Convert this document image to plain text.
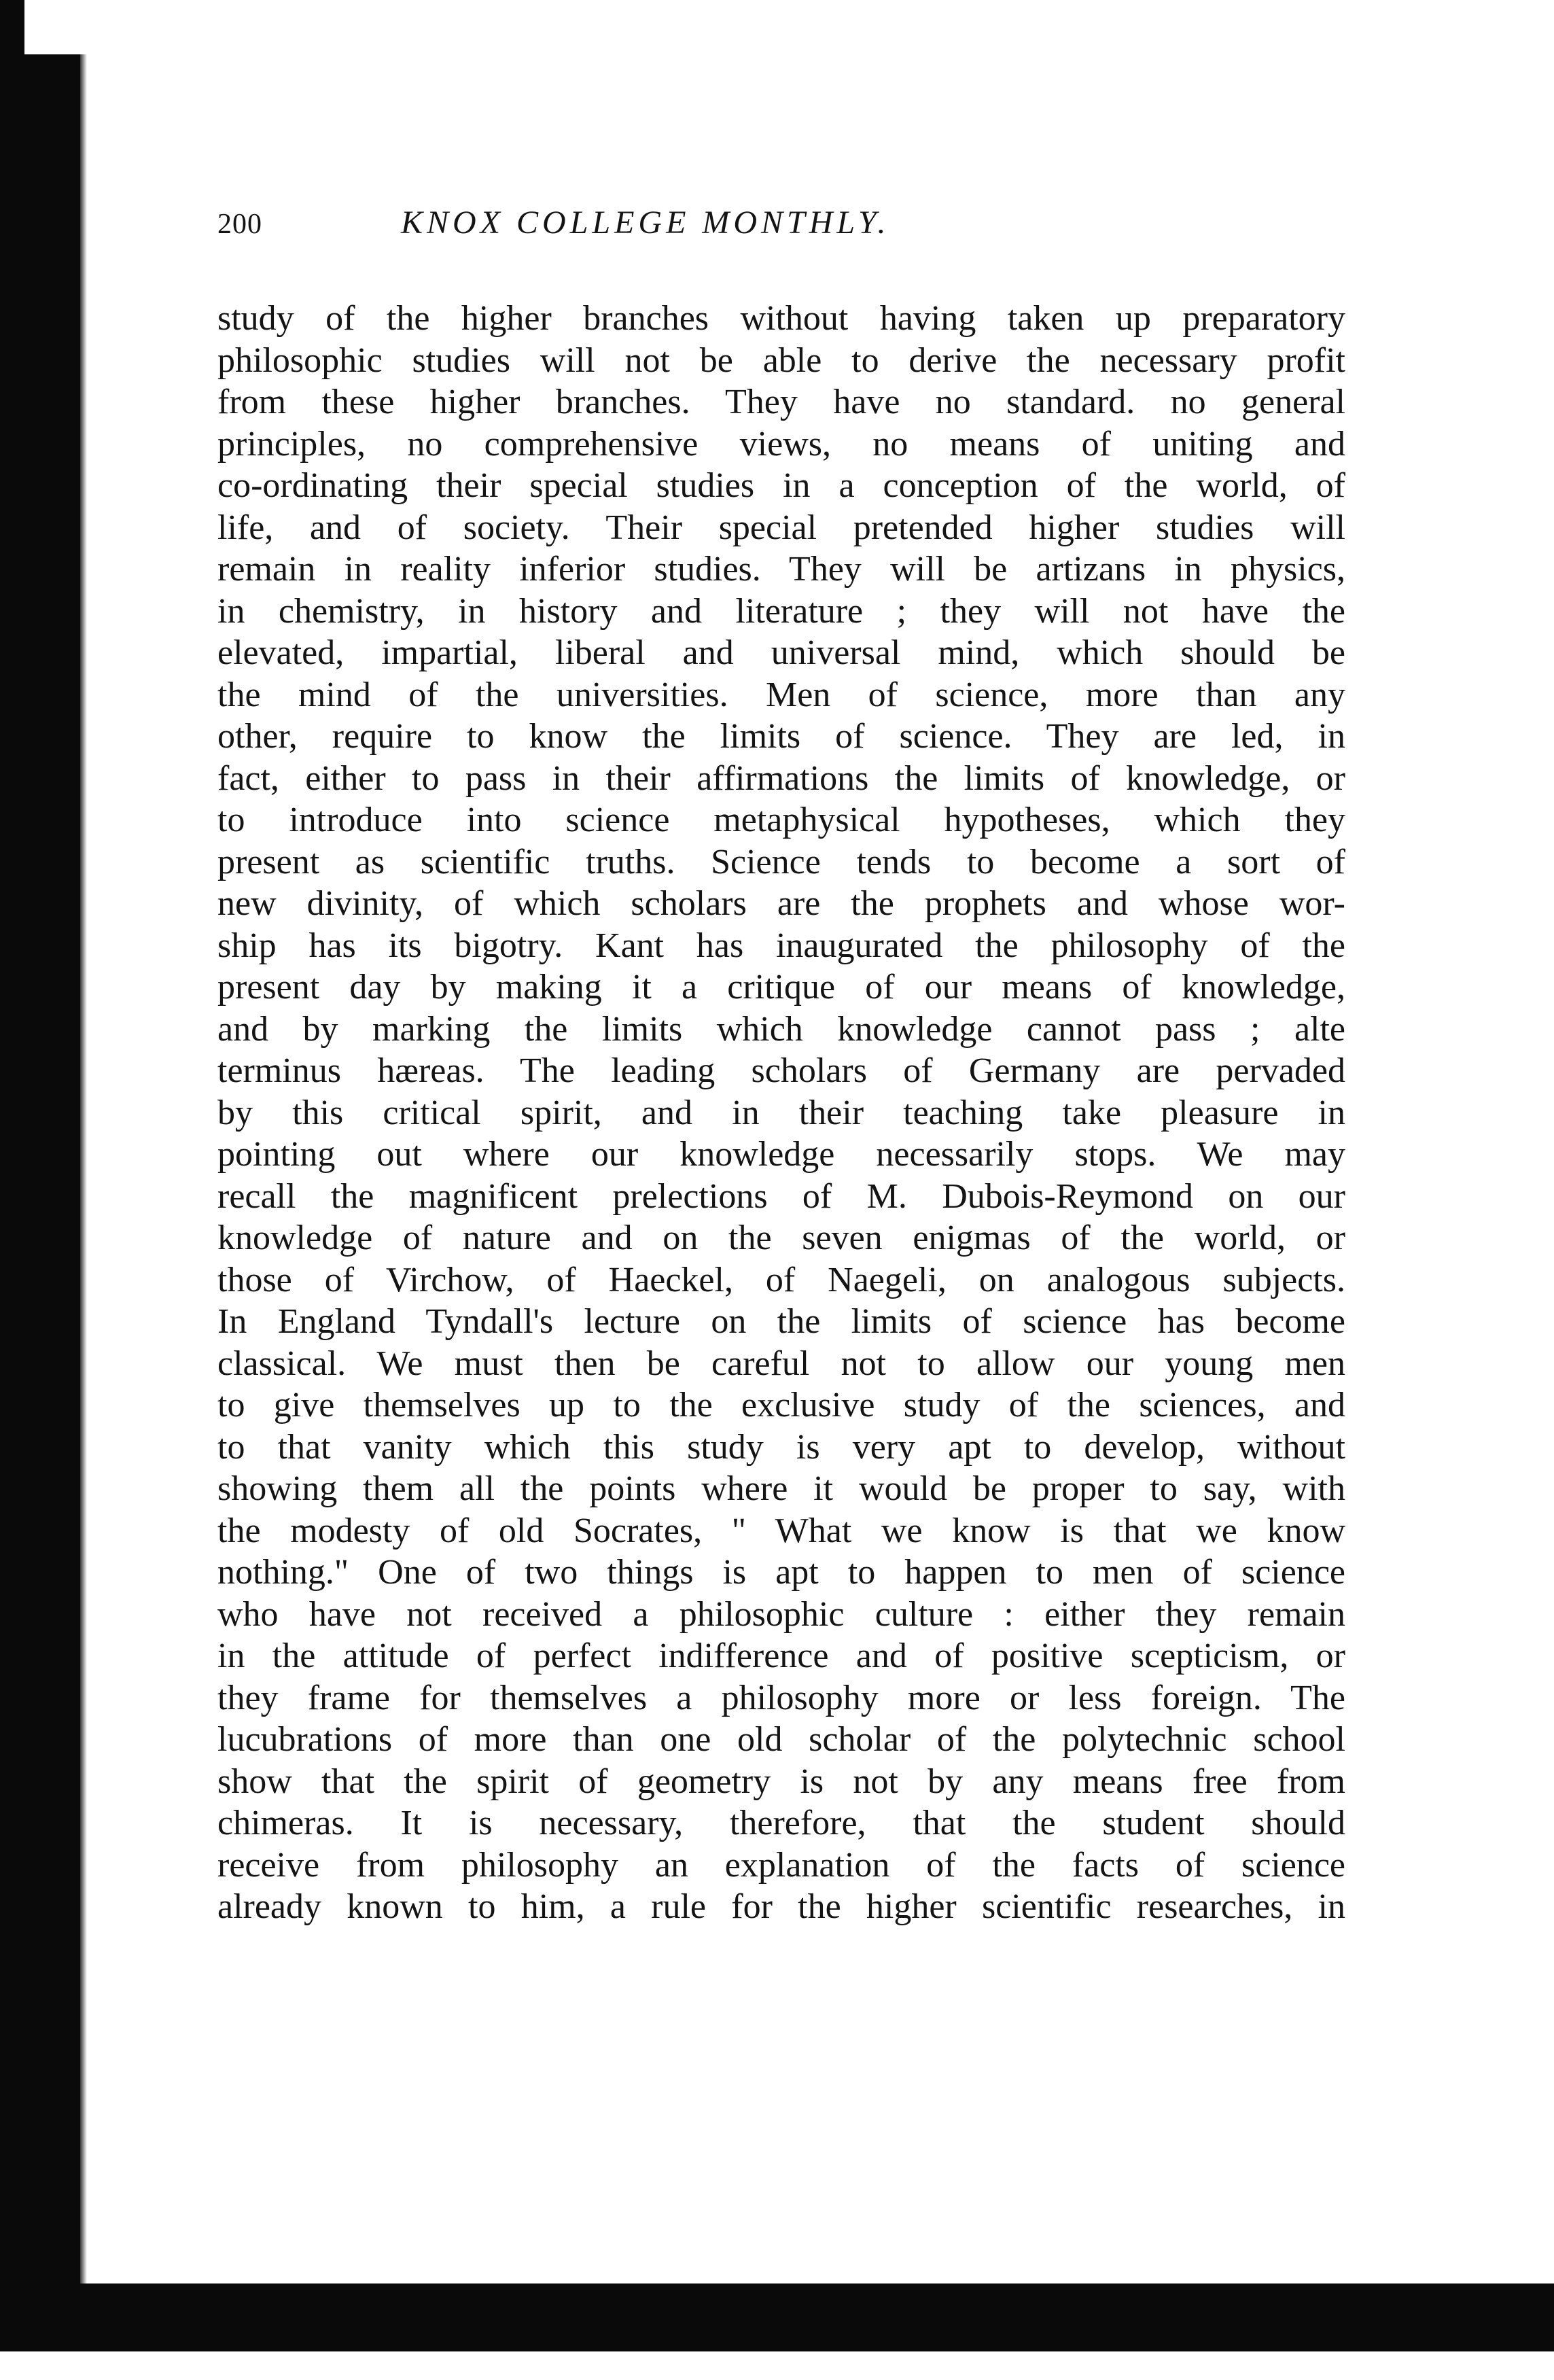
200	KNOX COLLEGE MONTHLY.
study of the higher branches without having taken up preparatory
philosophic studies will not be able to derive the necessary profit
from these higher branches. They have no standard. no general
principles, no comprehensive views, no means of uniting and
co-ordinating their special studies in a conception of the world, of
life, and of society. Their special pretended higher studies will
remain in reality inferior studies. They will be artizans in physics,
in chemistry, in history and literature ; they will not have the
elevated, impartial, liberal and universal mind, which should be
the mind of the universities. Men of science, more than any
other, require to know the limits of science. They are led, in
fact, either to pass in their affirmations the limits of knowledge, or
to introduce into science metaphysical hypotheses, which they
present as scientific truths. Science tends to become a sort of
new divinity, of which scholars are the prophets and whose wor-
ship has its bigotry. Kant has inaugurated the philosophy of the
present day by making it a critique of our means of knowledge,
and by marking the limits which knowledge cannot pass ; alte
terminus hæreas. The leading scholars of Germany are pervaded
by this critical spirit, and in their teaching take pleasure in
pointing out where our knowledge necessarily stops. We may
recall the magnificent prelections of M. Dubois-Reymond on our
knowledge of nature and on the seven enigmas of the world, or
those of Virchow, of Haeckel, of Naegeli, on analogous subjects.
In England Tyndall's lecture on the limits of science has become
classical. We must then be careful not to allow our young men
to give themselves up to the exclusive study of the sciences, and
to that vanity which this study is very apt to develop, without
showing them all the points where it would be proper to say, with
the modesty of old Socrates, " What we know is that we know
nothing." One of two things is apt to happen to men of science
who have not received a philosophic culture : either they remain
in the attitude of perfect indifference and of positive scepticism, or
they frame for themselves a philosophy more or less foreign. The
lucubrations of more than one old scholar of the polytechnic school
show that the spirit of geometry is not by any means free from
chimeras. It is necessary, therefore, that the student should
receive from philosophy an explanation of the facts of science
already known to him, a rule for the higher scientific researches, in
